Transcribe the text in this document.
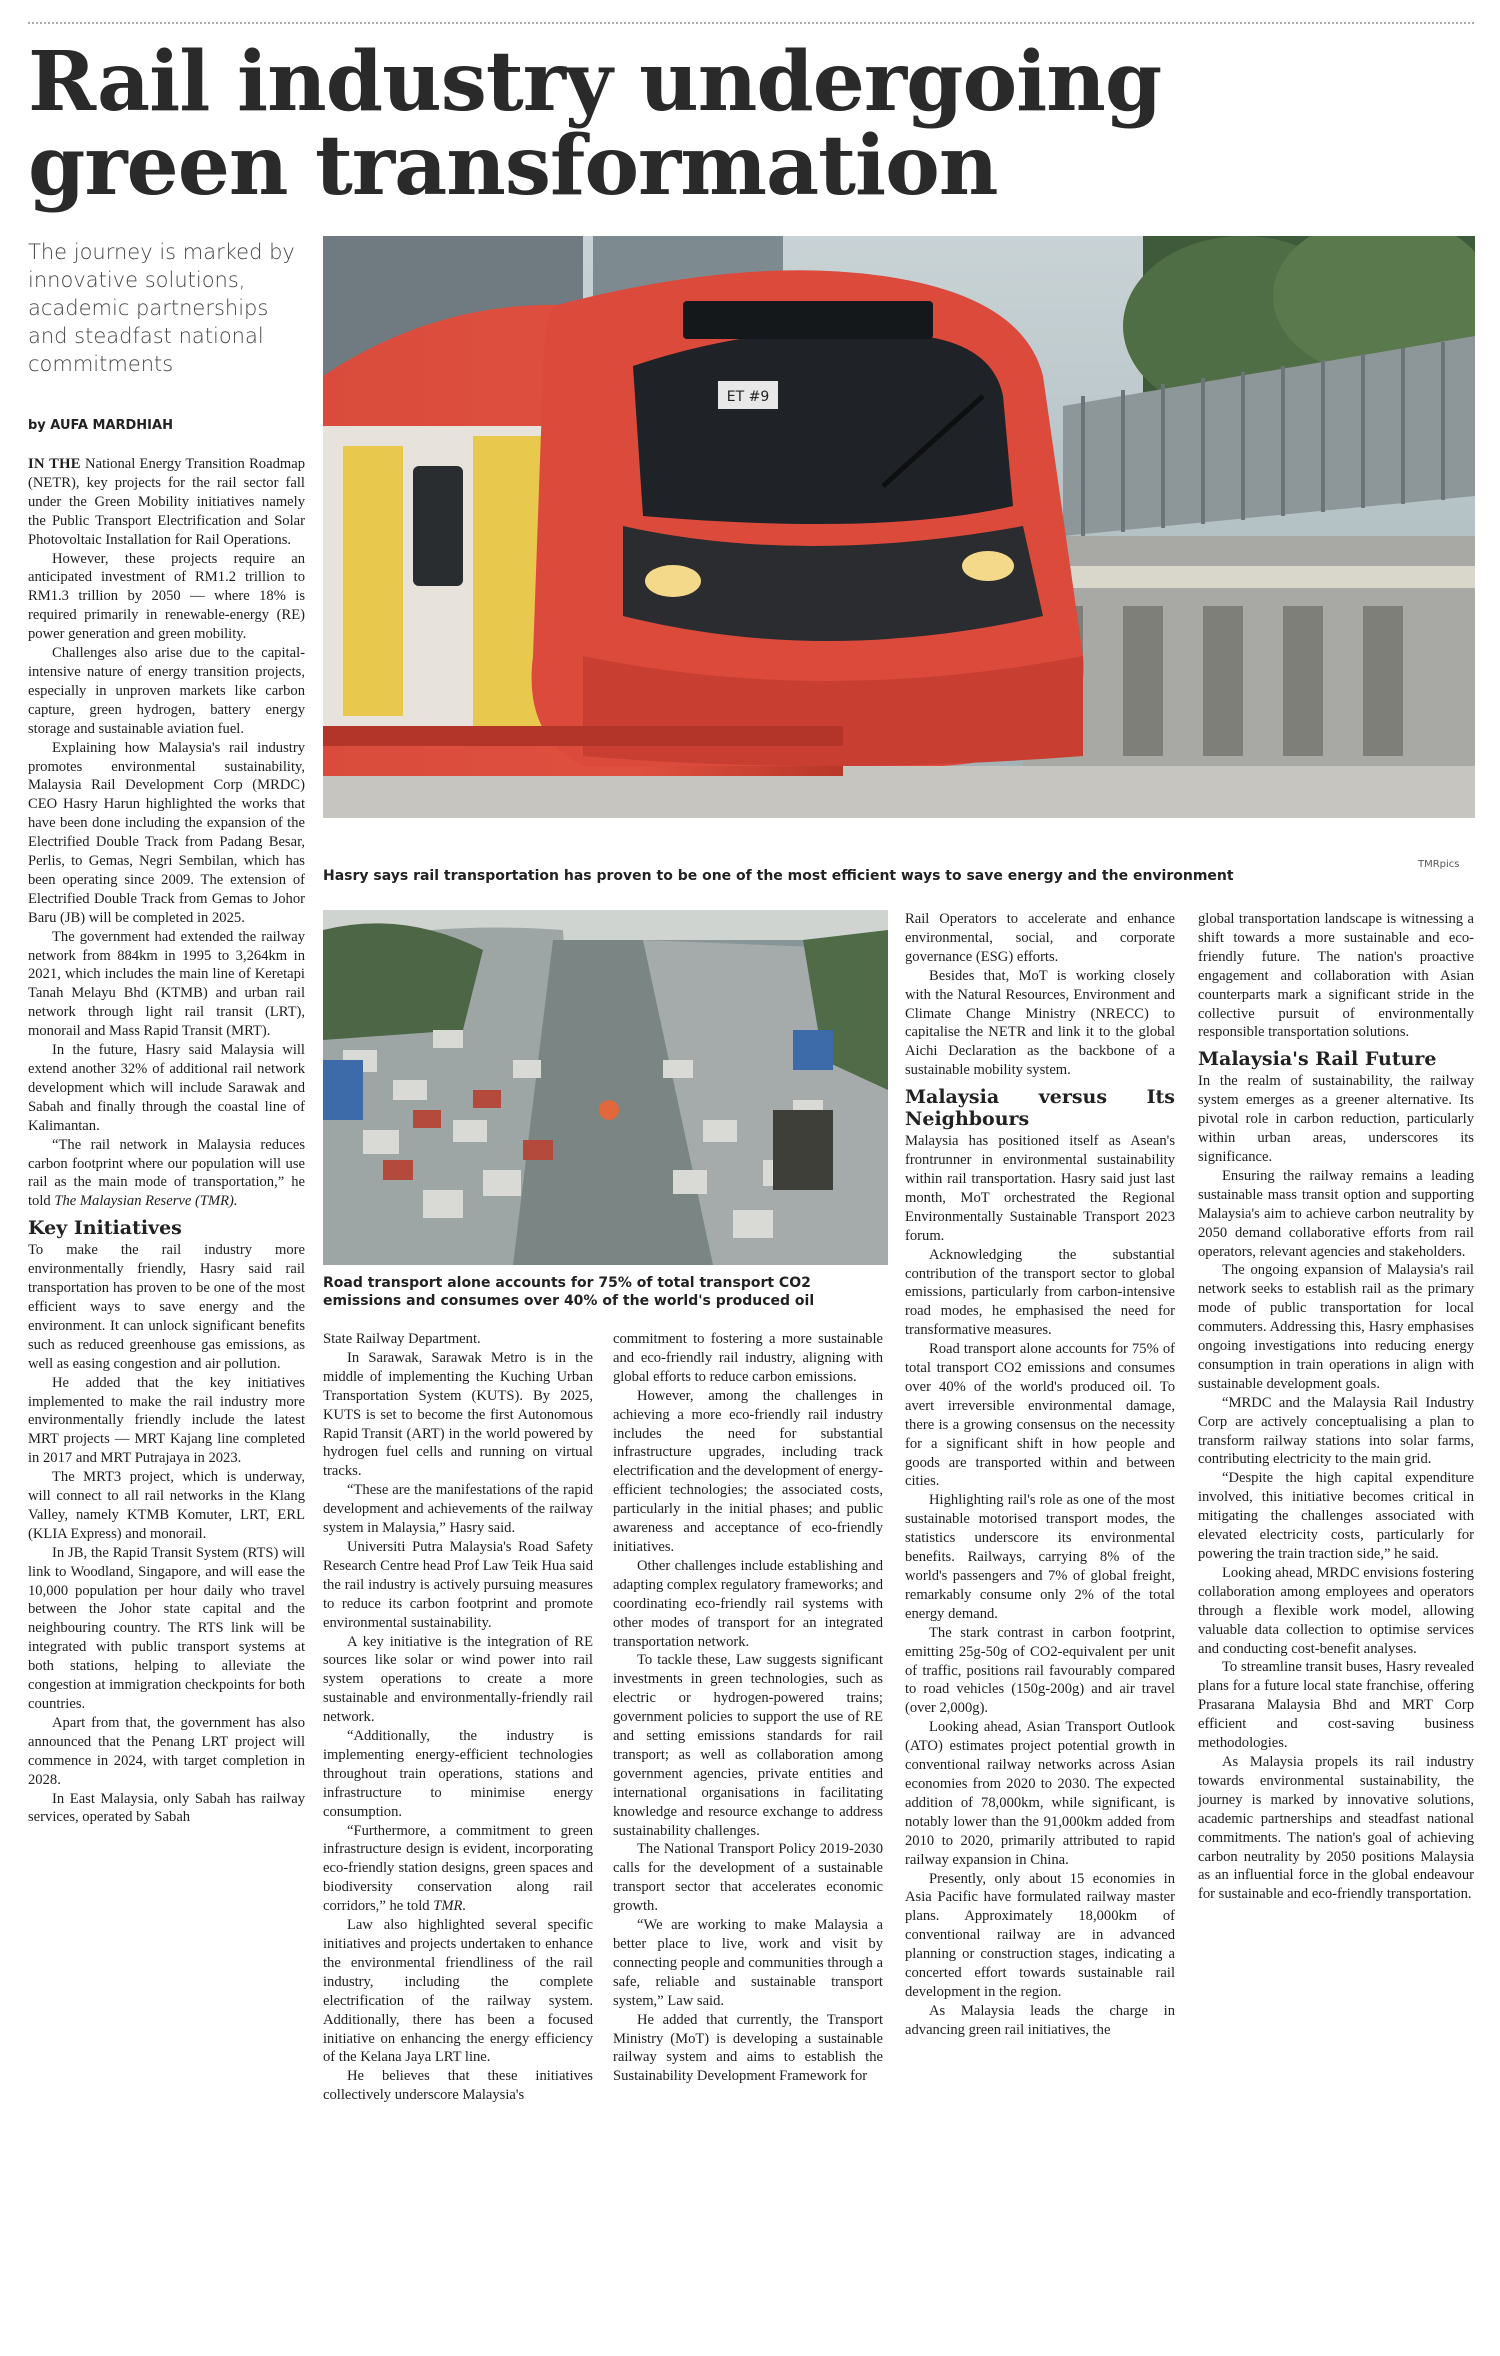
Rail industry undergoing green transformation
The journey is marked by innovative solutions, academic partnerships and steadfast national commitments
by AUFA MARDHIAH
ET #9
Hasry says rail transportation has proven to be one of the most efficient ways to save energy and the environment
TMRpics
Road transport alone accounts for 75% of total transport CO2 emissions and consumes over 40% of the world's produced oil

IN THE National Energy Transition Roadmap (NETR), key projects for the rail sector fall under the Green Mobility initiatives namely the Public Transport Electrification and Solar Photovoltaic Installation for Rail Operations.

However, these projects require an anticipated investment of RM1.2 trillion to RM1.3 trillion by 2050 — where 18% is required primarily in renewable-energy (RE) power generation and green mobility.

Challenges also arise due to the capital-intensive nature of energy transition projects, especially in unproven markets like carbon capture, green hydrogen, battery energy storage and sustainable aviation fuel.

Explaining how Malaysia's rail industry promotes environmental sustainability, Malaysia Rail Development Corp (MRDC) CEO Hasry Harun highlighted the works that have been done including the expansion of the Electrified Double Track from Padang Besar, Perlis, to Gemas, Negri Sembilan, which has been operating since 2009. The extension of Electrified Double Track from Gemas to Johor Baru (JB) will be completed in 2025.

The government had extended the railway network from 884km in 1995 to 3,264km in 2021, which includes the main line of Keretapi Tanah Melayu Bhd (KTMB) and urban rail network through light rail transit (LRT), monorail and Mass Rapid Transit (MRT).

In the future, Hasry said Malaysia will extend another 32% of additional rail network development which will include Sarawak and Sabah and finally through the coastal line of Kalimantan.

“The rail network in Malaysia reduces carbon footprint where our population will use rail as the main mode of transportation,” he told The Malaysian Reserve (TMR).

Key Initiatives

To make the rail industry more environmentally friendly, Hasry said rail transportation has proven to be one of the most efficient ways to save energy and the environment. It can unlock significant benefits such as reduced greenhouse gas emissions, as well as easing congestion and air pollution.

He added that the key initiatives implemented to make the rail industry more environmentally friendly include the latest MRT projects — MRT Kajang line completed in 2017 and MRT Putrajaya in 2023.

The MRT3 project, which is underway, will connect to all rail networks in the Klang Valley, namely KTMB Komuter, LRT, ERL (KLIA Express) and monorail.

In JB, the Rapid Transit System (RTS) will link to Woodland, Singapore, and will ease the 10,000 population per hour daily who travel between the Johor state capital and the neighbouring country. The RTS link will be integrated with public transport systems at both stations, helping to alleviate the congestion at immigration checkpoints for both countries.

Apart from that, the government has also announced that the Penang LRT project will commence in 2024, with target completion in 2028.

In East Malaysia, only Sabah has railway services, operated by Sabah

State Railway Department.

In Sarawak, Sarawak Metro is in the middle of implementing the Kuching Urban Transportation System (KUTS). By 2025, KUTS is set to become the first Autonomous Rapid Transit (ART) in the world powered by hydrogen fuel cells and running on virtual tracks.

“These are the manifestations of the rapid development and achievements of the railway system in Malaysia,” Hasry said.

Universiti Putra Malaysia's Road Safety Research Centre head Prof Law Teik Hua said the rail industry is actively pursuing measures to reduce its carbon footprint and promote environmental sustainability.

A key initiative is the integration of RE sources like solar or wind power into rail system operations to create a more sustainable and environmentally-friendly rail network.

“Additionally, the industry is implementing energy-efficient technologies throughout train operations, stations and infrastructure to minimise energy consumption.

“Furthermore, a commitment to green infrastructure design is evident, incorporating eco-friendly station designs, green spaces and biodiversity conservation along rail corridors,” he told TMR.

Law also highlighted several specific initiatives and projects undertaken to enhance the environmental friendliness of the rail industry, including the complete electrification of the railway system. Additionally, there has been a focused initiative on enhancing the energy efficiency of the Kelana Jaya LRT line.

He believes that these initiatives collectively underscore Malaysia's

commitment to fostering a more sustainable and eco-friendly rail industry, aligning with global efforts to reduce carbon emissions.

However, among the challenges in achieving a more eco-friendly rail industry includes the need for substantial infrastructure upgrades, including track electrification and the development of energy-efficient technologies; the associated costs, particularly in the initial phases; and public awareness and acceptance of eco-friendly initiatives.

Other challenges include establishing and adapting complex regulatory frameworks; and coordinating eco-friendly rail systems with other modes of transport for an integrated transportation network.

To tackle these, Law suggests significant investments in green technologies, such as electric or hydrogen-powered trains; government policies to support the use of RE and setting emissions standards for rail transport; as well as collaboration among government agencies, private entities and international organisations in facilitating knowledge and resource exchange to address sustainability challenges.

The National Transport Policy 2019-2030 calls for the development of a sustainable transport sector that accelerates economic growth.

“We are working to make Malaysia a better place to live, work and visit by connecting people and communities through a safe, reliable and sustainable transport system,” Law said.

He added that currently, the Transport Ministry (MoT) is developing a sustainable railway system and aims to establish the Sustainability Development Framework for

Rail Operators to accelerate and enhance environmental, social, and corporate governance (ESG) efforts.

Besides that, MoT is working closely with the Natural Resources, Environment and Climate Change Ministry (NRECC) to capitalise the NETR and link it to the global Aichi Declaration as the backbone of a sustainable mobility system.

Malaysia versus Its Neighbours

Malaysia has positioned itself as Asean's frontrunner in environmental sustainability within rail transportation. Hasry said just last month, MoT orchestrated the Regional Environmentally Sustainable Transport 2023 forum.

Acknowledging the substantial contribution of the transport sector to global emissions, particularly from carbon-intensive road modes, he emphasised the need for transformative measures.

Road transport alone accounts for 75% of total transport CO2 emissions and consumes over 40% of the world's produced oil. To avert irreversible environmental damage, there is a growing consensus on the necessity for a significant shift in how people and goods are transported within and between cities.

Highlighting rail's role as one of the most sustainable motorised transport modes, the statistics underscore its environmental benefits. Railways, carrying 8% of the world's passengers and 7% of global freight, remarkably consume only 2% of the total energy demand.

The stark contrast in carbon footprint, emitting 25g-50g of CO2-equivalent per unit of traffic, positions rail favourably compared to road vehicles (150g-200g) and air travel (over 2,000g).

Looking ahead, Asian Transport Outlook (ATO) estimates project potential growth in conventional railway networks across Asian economies from 2020 to 2030. The expected addition of 78,000km, while significant, is notably lower than the 91,000km added from 2010 to 2020, primarily attributed to rapid railway expansion in China.

Presently, only about 15 economies in Asia Pacific have formulated railway master plans. Approximately 18,000km of conventional railway are in advanced planning or construction stages, indicating a concerted effort towards sustainable rail development in the region.

As Malaysia leads the charge in advancing green rail initiatives, the

global transportation landscape is witnessing a shift towards a more sustainable and eco-friendly future. The nation's proactive engagement and collaboration with Asian counterparts mark a significant stride in the collective pursuit of environmentally responsible transportation solutions.

Malaysia's Rail Future

In the realm of sustainability, the railway system emerges as a greener alternative. Its pivotal role in carbon reduction, particularly within urban areas, underscores its significance.

Ensuring the railway remains a leading sustainable mass transit option and supporting Malaysia's aim to achieve carbon neutrality by 2050 demand collaborative efforts from rail operators, relevant agencies and stakeholders.

The ongoing expansion of Malaysia's rail network seeks to establish rail as the primary mode of public transportation for local commuters. Addressing this, Hasry emphasises ongoing investigations into reducing energy consumption in train operations in align with sustainable development goals.

“MRDC and the Malaysia Rail Industry Corp are actively conceptualising a plan to transform railway stations into solar farms, contributing electricity to the main grid.

“Despite the high capital expenditure involved, this initiative becomes critical in mitigating the challenges associated with elevated electricity costs, particularly for powering the train traction side,” he said.

Looking ahead, MRDC envisions fostering collaboration among employees and operators through a flexible work model, allowing valuable data collection to optimise services and conducting cost-benefit analyses.

To streamline transit buses, Hasry revealed plans for a future local state franchise, offering Prasarana Malaysia Bhd and MRT Corp efficient and cost-saving business methodologies.

As Malaysia propels its rail industry towards environmental sustainability, the journey is marked by innovative solutions, academic partnerships and steadfast national commitments. The nation's goal of achieving carbon neutrality by 2050 positions Malaysia as an influential force in the global endeavour for sustainable and eco-friendly transportation.
